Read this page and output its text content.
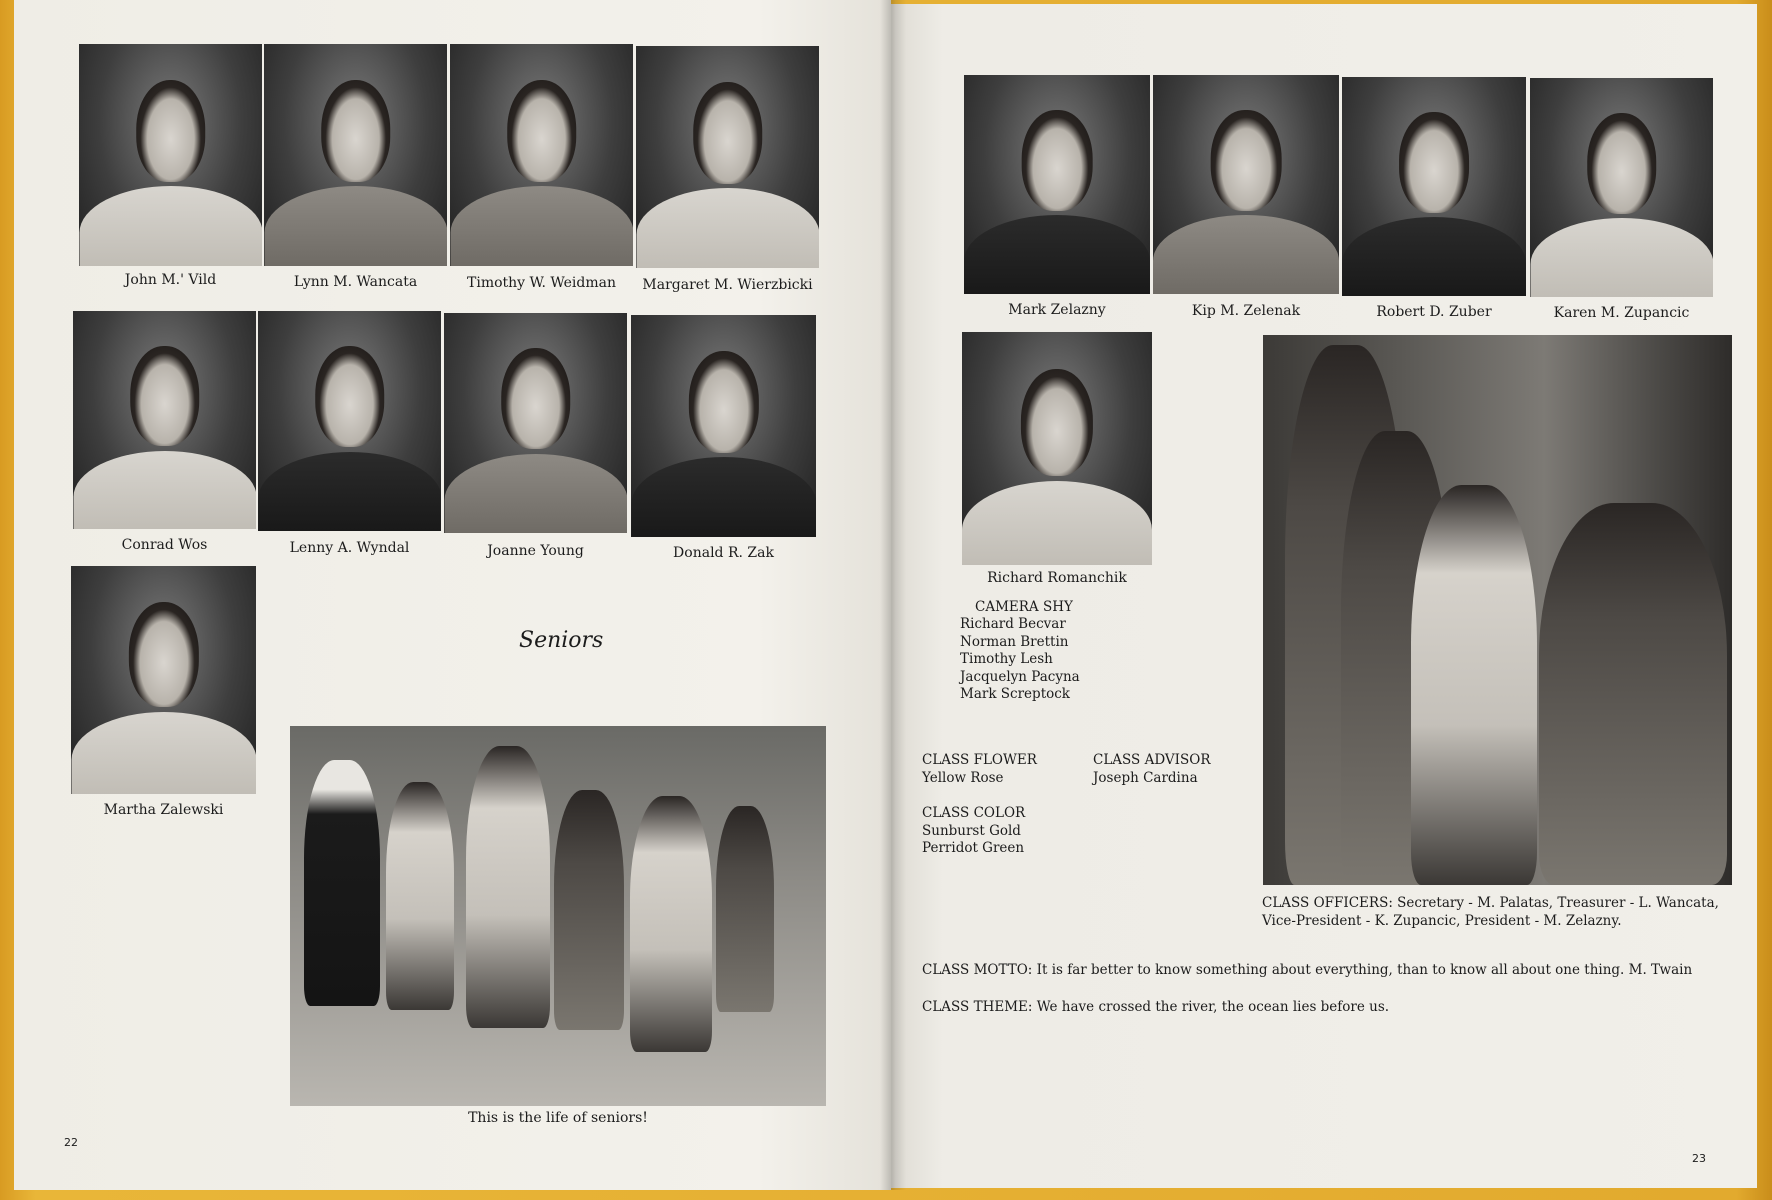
John M.' Vild	Lynn M. Wancata	Timothy W. Weidman	Margaret M. Wierzbicki
Conrad Wos	Lenny A. Wyndal	Joanne Young	Donald R. Zak
Martha Zalewski
Seniors
This is the life of seniors!
22
Mark Zelazny	Kip M. Zelenak	Robert D. Zuber	Karen M. Zupancic
Richard Romanchik
CAMERA SHY
Richard Becvar
Norman Brettin
Timothy Lesh
Jacquelyn Pacyna
Mark Screptock
CLASS FLOWER
Yellow Rose
CLASS ADVISOR
Joseph Cardina
CLASS COLOR
Sunburst Gold
Perridot Green
CLASS OFFICERS: Secretary - M. Palatas, Treasurer - L. Wancata,
Vice-President - K. Zupancic, President - M. Zelazny.
CLASS MOTTO: It is far better to know something about everything, than to know all about one thing. M. Twain
CLASS THEME: We have crossed the river, the ocean lies before us.
23
